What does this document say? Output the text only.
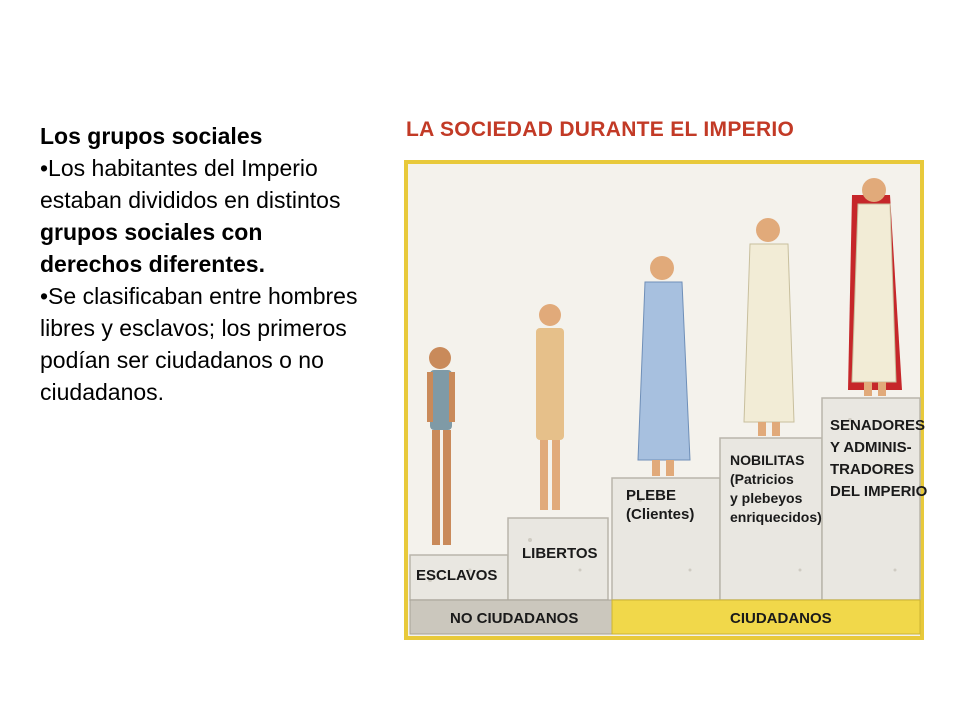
Los grupos sociales
•Los habitantes del Imperio estaban divididos en distintos grupos sociales con derechos diferentes.
•Se clasificaban entre hombres libres y esclavos; los primeros podían ser ciudadanos o no ciudadanos.
ESCLAVOS
LIBERTOS
PLEBE (Clientes)
NOBILITAS (Patricios y plebeyos enriquecidos)
SENADORES Y ADMINIS-TRADORES DEL IMPERIO
NO CIUDADANOS	CIUDADANOS
LA SOCIEDAD DURANTE EL IMPERIO
